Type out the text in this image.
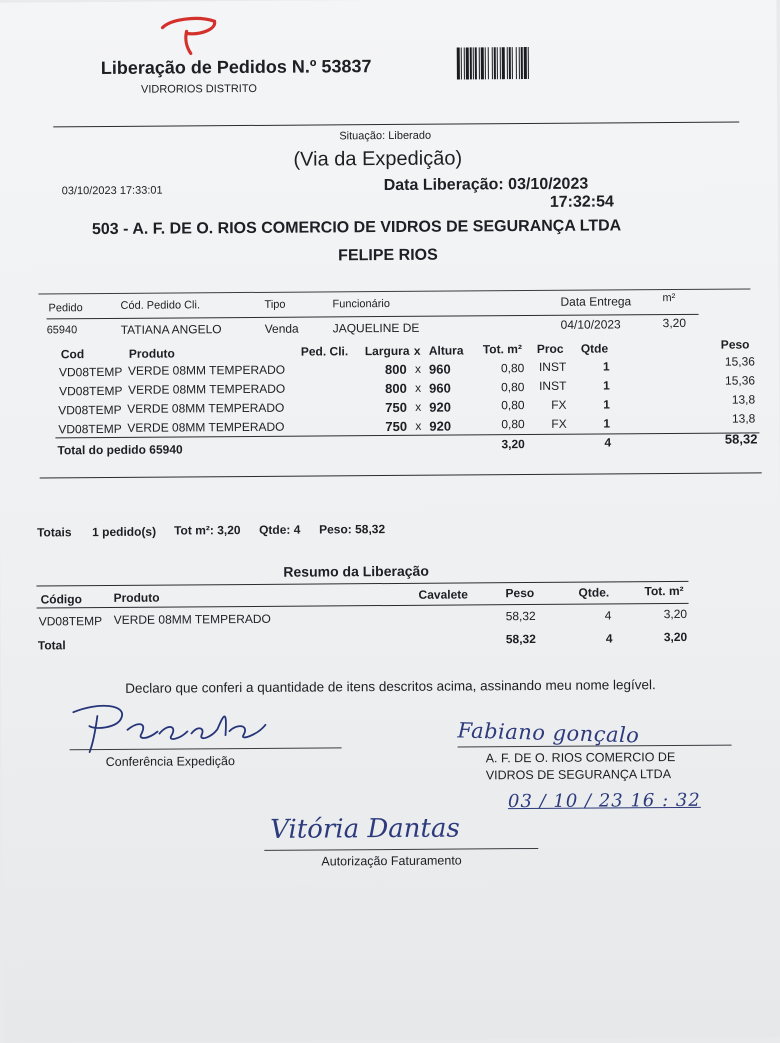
Liberação de Pedidos N.º 53837
VIDRORIOS DISTRITO
Situação: Liberado
(Via da Expedição)
03/10/2023 17:33:01	Data Liberação: 03/10/2023
17:32:54
503 - A. F. DE O. RIOS COMERCIO DE VIDROS DE SEGURANÇA LTDA
FELIPE RIOS
Pedido	Cód. Pedido Cli.	Tipo	Funcionário	Data Entrega	m²
65940	TATIANA ANGELO	Venda	JAQUELINE DE	04/10/2023	3,20
Cod	Produto	Ped. Cli. Largura x Altura Tot. m² Proc Qtde	Peso
VD08TEMP VERDE 08MM TEMPERADO	800 x 960	0,80 INST	1	15,36
VD08TEMP VERDE 08MM TEMPERADO	800 x 960	0,80 INST	1	15,36
VD08TEMP VERDE 08MM TEMPERADO	750 x 920	0,80 FX	1	13,8
VD08TEMP VERDE 08MM TEMPERADO	750 x 920	0,80 FX	1	13,8
Total do pedido 65940	3,20	4	58,32
Totais 1 pedido(s) Tot m²: 3,20 Qtde: 4 Peso: 58,32
Resumo da Liberação
Código	Produto	Cavalete	Peso	Qtde.	Tot. m²
VD08TEMP VERDE 08MM TEMPERADO	58,32	4	3,20
Total	58,32	4	3,20
Declaro que conferi a quantidade de itens descritos acima, assinando meu nome legível.
Conferência Expedição
Fabiano gonçalo
A. F. DE O. RIOS COMERCIO DE
VIDROS DE SEGURANÇA LTDA
03 / 10 / 23 16 : 32
Vitória Dantas
Autorização Faturamento
